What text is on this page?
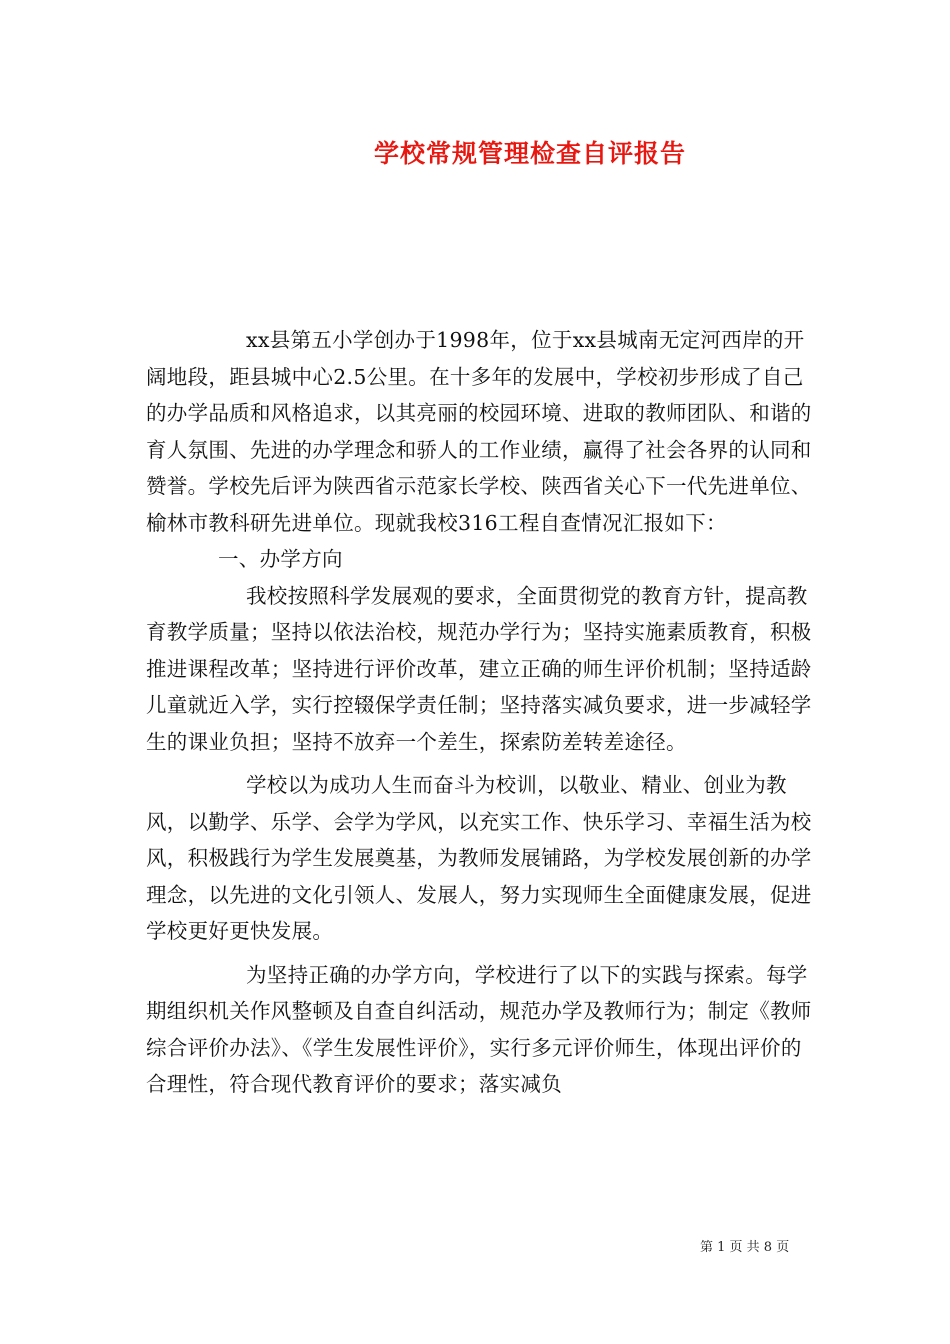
学校常规管理检查自评报告

xx县第五小学创办于1998年，位于xx县城南无定河西岸的开阔地段，距县城中心2.5公里。在十多年的发展中，学校初步形成了自己的办学品质和风格追求，以其亮丽的校园环境、进取的教师团队、和谐的育人氛围、先进的办学理念和骄人的工作业绩，赢得了社会各界的认同和赞誉。学校先后评为陕西省示范家长学校、陕西省关心下一代先进单位、榆林市教科研先进单位。现就我校316工程自查情况汇报如下：

一、办学方向

我校按照科学发展观的要求，全面贯彻党的教育方针，提高教育教学质量；坚持以依法治校，规范办学行为；坚持实施素质教育，积极推进课程改革；坚持进行评价改革，建立正确的师生评价机制；坚持适龄儿童就近入学，实行控辍保学责任制；坚持落实减负要求，进一步减轻学生的课业负担；坚持不放弃一个差生，探索防差转差途径。

学校以为成功人生而奋斗为校训，以敬业、精业、创业为教风，以勤学、乐学、会学为学风，以充实工作、快乐学习、幸福生活为校风，积极践行为学生发展奠基，为教师发展铺路，为学校发展创新的办学理念，以先进的文化引领人、发展人，努力实现师生全面健康发展，促进学校更好更快发展。

为坚持正确的办学方向，学校进行了以下的实践与探索。每学期组织机关作风整顿及自查自纠活动，规范办学及教师行为；制定《教师综合评价办法》、《学生发展性评价》，实行多元评价师生，体现出评价的合理性，符合现代教育评价的要求；落实减负

第 1 页 共 8 页
